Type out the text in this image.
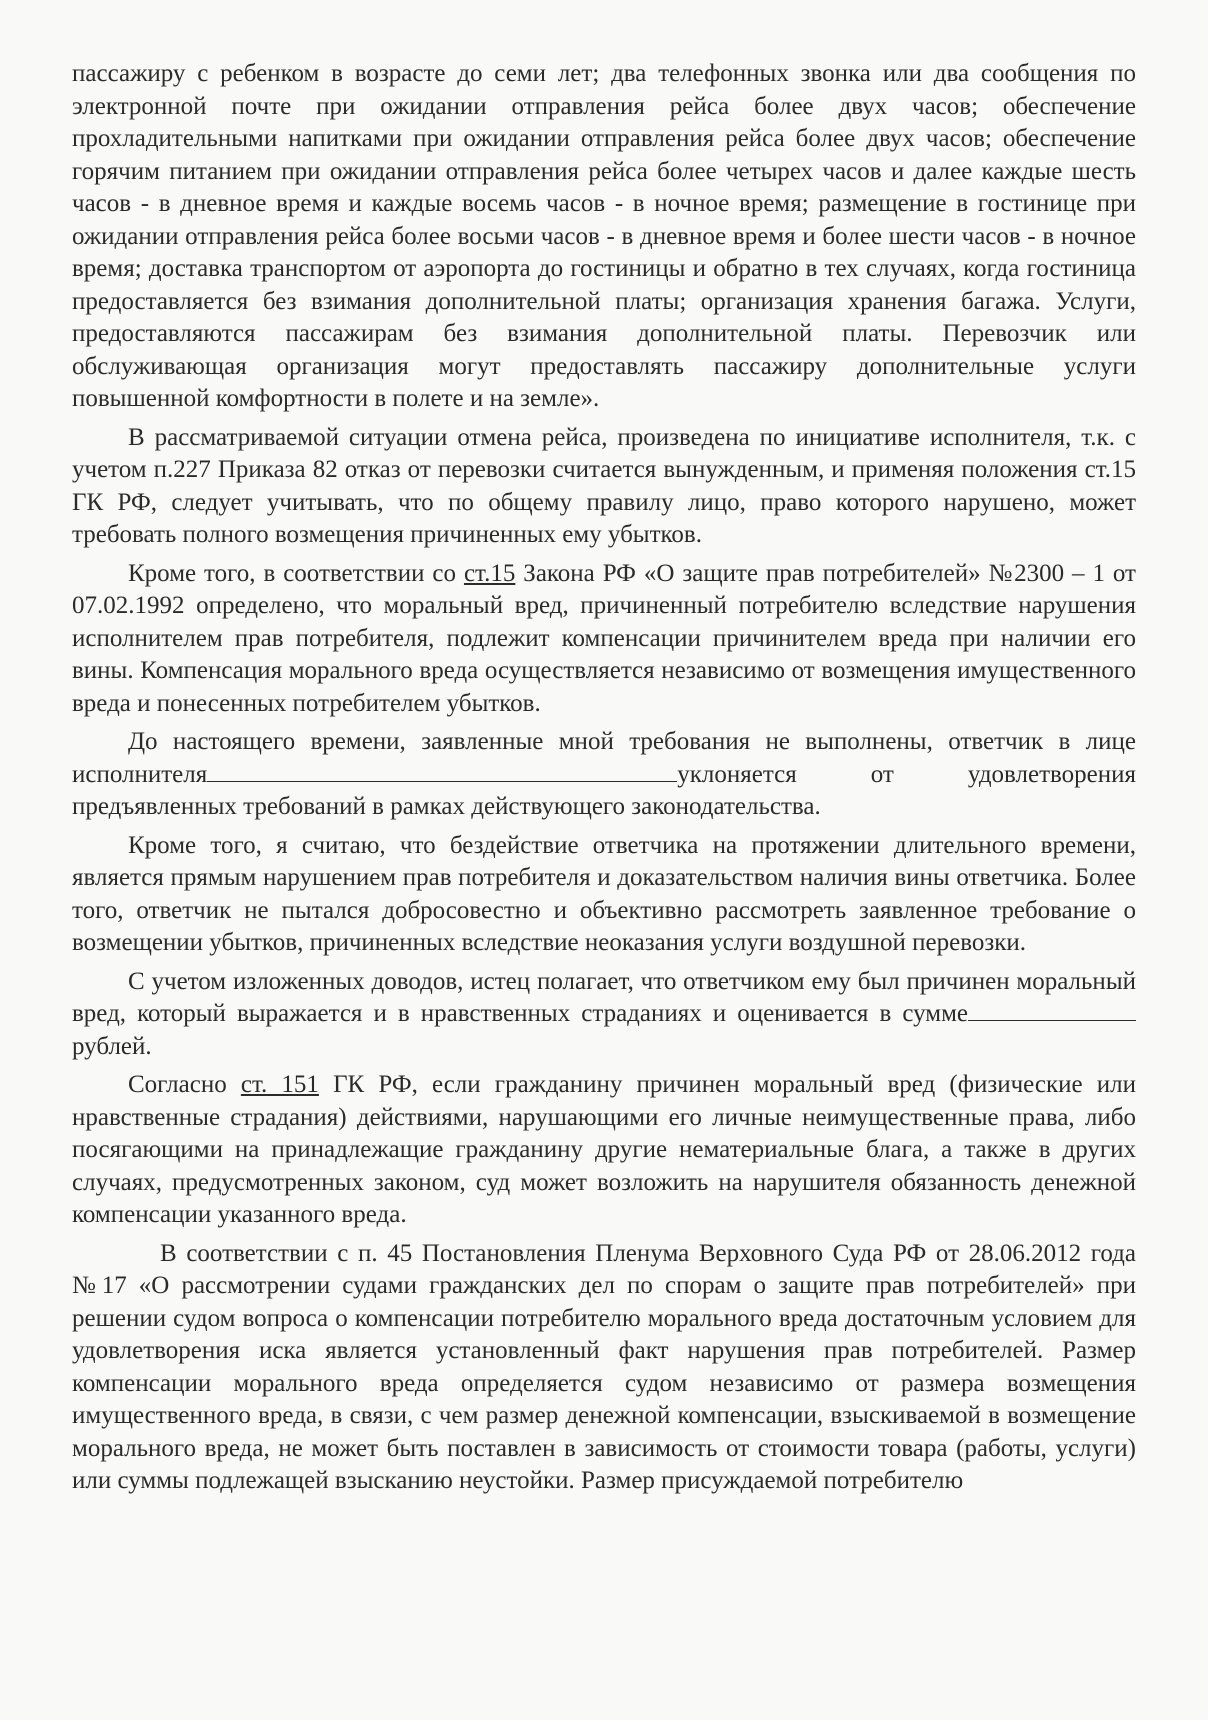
пассажиру с ребенком в возрасте до семи лет; два телефонных звонка или два сообщения по электронной почте при ожидании отправления рейса более двух часов; обеспечение прохладительными напитками при ожидании отправления рейса более двух часов; обеспечение горячим питанием при ожидании отправления рейса более четырех часов и далее каждые шесть часов - в дневное время и каждые восемь часов - в ночное время; размещение в гостинице при ожидании отправления рейса более восьми часов - в дневное время и более шести часов - в ночное время; доставка транспортом от аэропорта до гостиницы и обратно в тех случаях, когда гостиница предоставляется без взимания дополнительной платы; организация хранения багажа. Услуги, предоставляются пассажирам без взимания дополнительной платы. Перевозчик или обслуживающая организация могут предоставлять пассажиру дополнительные услуги повышенной комфортности в полете и на земле».

В рассматриваемой ситуации отмена рейса, произведена по инициативе исполнителя, т.к. с учетом п.227 Приказа 82 отказ от перевозки считается вынужденным, и применяя положения ст.15 ГК РФ, следует учитывать, что по общему правилу лицо, право которого нарушено, может требовать полного возмещения причиненных ему убытков.

Кроме того, в соответствии со ст.15 Закона РФ «О защите прав потребителей» №2300 – 1 от 07.02.1992 определено, что моральный вред, причиненный потребителю вследствие нарушения исполнителем прав потребителя, подлежит компенсации причинителем вреда при наличии его вины. Компенсация морального вреда осуществляется независимо от возмещения имущественного вреда и понесенных потребителем убытков.

До настоящего времени, заявленные мной требования не выполнены, ответчик в лице исполнителя	уклоняется от удовлетворения предъявленных требований в рамках действующего законодательства.

Кроме того, я считаю, что бездействие ответчика на протяжении длительного времени, является прямым нарушением прав потребителя и доказательством наличия вины ответчика. Более того, ответчик не пытался добросовестно и объективно рассмотреть заявленное требование о возмещении убытков, причиненных вследствие неоказания услуги воздушной перевозки.

С учетом изложенных доводов, истец полагает, что ответчиком ему был причинен моральный вред, который выражается и в нравственных страданиях и оценивается в сумме рублей.

Согласно ст. 151 ГК РФ, если гражданину причинен моральный вред (физические или нравственные страдания) действиями, нарушающими его личные неимущественные права, либо посягающими на принадлежащие гражданину другие нематериальные блага, а также в других случаях, предусмотренных законом, суд может возложить на нарушителя обязанность денежной компенсации указанного вреда.

В соответствии с п. 45 Постановления Пленума Верховного Суда РФ от 28.06.2012 года №17 «О рассмотрении судами гражданских дел по спорам о защите прав потребителей» при решении судом вопроса о компенсации потребителю морального вреда достаточным условием для удовлетворения иска является установленный факт нарушения прав потребителей. Размер компенсации морального вреда определяется судом независимо от размера возмещения имущественного вреда, в связи, с чем размер денежной компенсации, взыскиваемой в возмещение морального вреда, не может быть поставлен в зависимость от стоимости товара (работы, услуги) или суммы подлежащей взысканию неустойки. Размер присуждаемой потребителю
